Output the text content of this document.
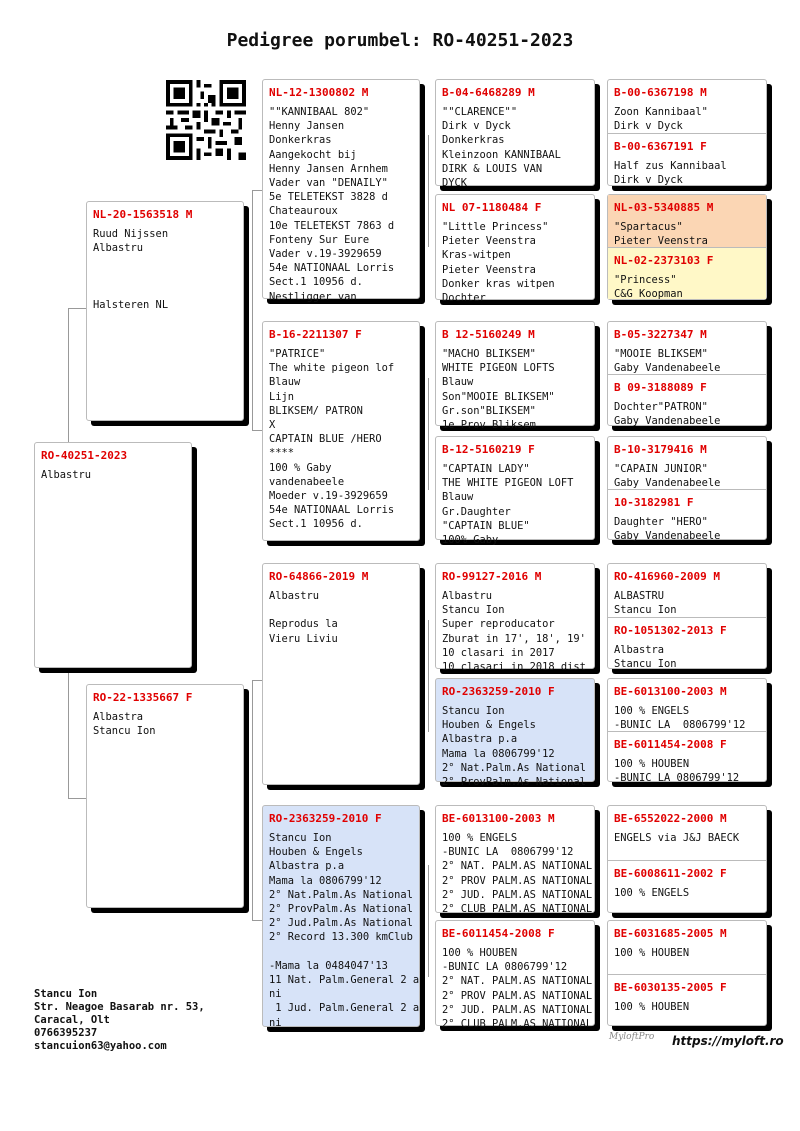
Pedigree porumbel: RO-40251-2023
RO-40251-2023
Albastru
NL-20-1563518 M
Ruud Nijssen
Albastru

Halsteren NL
RO-22-1335667 F
Albastra
Stancu Ion
NL-12-1300802 M
""KANNIBAAL 802"
Henny Jansen
Donkerkras
Aangekocht bij
Henny Jansen Arnhem
Vader van "DENAILY"
5e TELETEKST 3828 d
Chateauroux
10e TELETEKST 7863 d
Fonteny Sur Eure
Vader v.19-3929659
54e NATIONAAL Lorris
Sect.1 10956 d.
Nestligger van
B-16-2211307 F
"PATRICE"
The white pigeon lof
Blauw
Lijn
BLIKSEM/ PATRON
X
CAPTAIN BLUE /HERO
****
100 % Gaby
vandenabeele
Moeder v.19-3929659
54e NATIONAAL Lorris
Sect.1 10956 d.
RO-64866-2019 M
Albastru

Reprodus la
Vieru Liviu
RO-2363259-2010 F
Stancu Ion
Houben & Engels
Albastra p.a
Mama la 0806799'12
2° Nat.Palm.As National
2° ProvPalm.As National
2° Jud.Palm.As National
2° Record 13.300 kmClub

-Mama la 0484047'13
11 Nat. Palm.General 2 a
ni
1 Jud. Palm.General 2 a
ni
B-04-6468289 M
""CLARENCE""
Dirk v Dyck
Donkerkras
Kleinzoon KANNIBAAL
DIRK & LOUIS VAN
DYCK
NL 07-1180484 F
"Little Princess"
Pieter Veenstra
Kras-witpen
Pieter Veenstra
Donker kras witpen
Dochter
B 12-5160249 M
"MACHO BLIKSEM"
WHITE PIGEON LOFTS
Blauw
Son"MOOIE BLIKSEM"
Gr.son"BLIKSEM"
1e Prov Bliksem
B-12-5160219 F
"CAPTAIN LADY"
THE WHITE PIGEON LOFT
Blauw
Gr.Daughter
"CAPTAIN BLUE"
100% Gaby
RO-99127-2016 M
Albastru
Stancu Ion
Super reproducator
Zburat in 17', 18', 19'
10 clasari in 2017
10 clasari in 2018 dist
RO-2363259-2010 F
Stancu Ion
Houben & Engels
Albastra p.a
Mama la 0806799'12
2° Nat.Palm.As National
2° ProvPalm.As National
BE-6013100-2003 M
100 % ENGELS
-BUNIC LA  0806799'12
2° NAT. PALM.AS NATIONAL
2° PROV PALM.AS NATIONAL
2° JUD. PALM.AS NATIONAL
2° CLUB PALM.AS NATIONAL
BE-6011454-2008 F
100 % HOUBEN
-BUNIC LA 0806799'12
2° NAT. PALM.AS NATIONAL
2° PROV PALM.AS NATIONAL
2° JUD. PALM.AS NATIONAL
2° CLUB PALM.AS NATIONAL
B-00-6367198 M
Zoon Kannibaal"
Dirk v Dyck
B-00-6367191 F
Half zus Kannibaal
Dirk v Dyck
NL-03-5340885 M
"Spartacus"
Pieter Veenstra
NL-02-2373103 F
"Princess"
C&G Koopman
B-05-3227347 M
"MOOIE BLIKSEM"
Gaby Vandenabeele
B 09-3188089 F
Dochter"PATRON"
Gaby Vandenabeele
B-10-3179416 M
"CAPAIN JUNIOR"
Gaby Vandenabeele
10-3182981 F
Daughter "HERO"
Gaby Vandenabeele
RO-416960-2009 M
ALBASTRU
Stancu Ion
RO-1051302-2013 F
Albastra
Stancu Ion
BE-6013100-2003 M
100 % ENGELS
-BUNIC LA  0806799'12
BE-6011454-2008 F
100 % HOUBEN
-BUNIC LA 0806799'12
BE-6552022-2000 M
ENGELS via J&J BAECK
BE-6008611-2002 F
100 % ENGELS
BE-6031685-2005 M
100 % HOUBEN
BE-6030135-2005 F
100 % HOUBEN
Stancu Ion
Str. Neagoe Basarab nr. 53,
Caracal, Olt
0766395237
stancuion63@yahoo.com
MyloftPro https://myloft.ro
